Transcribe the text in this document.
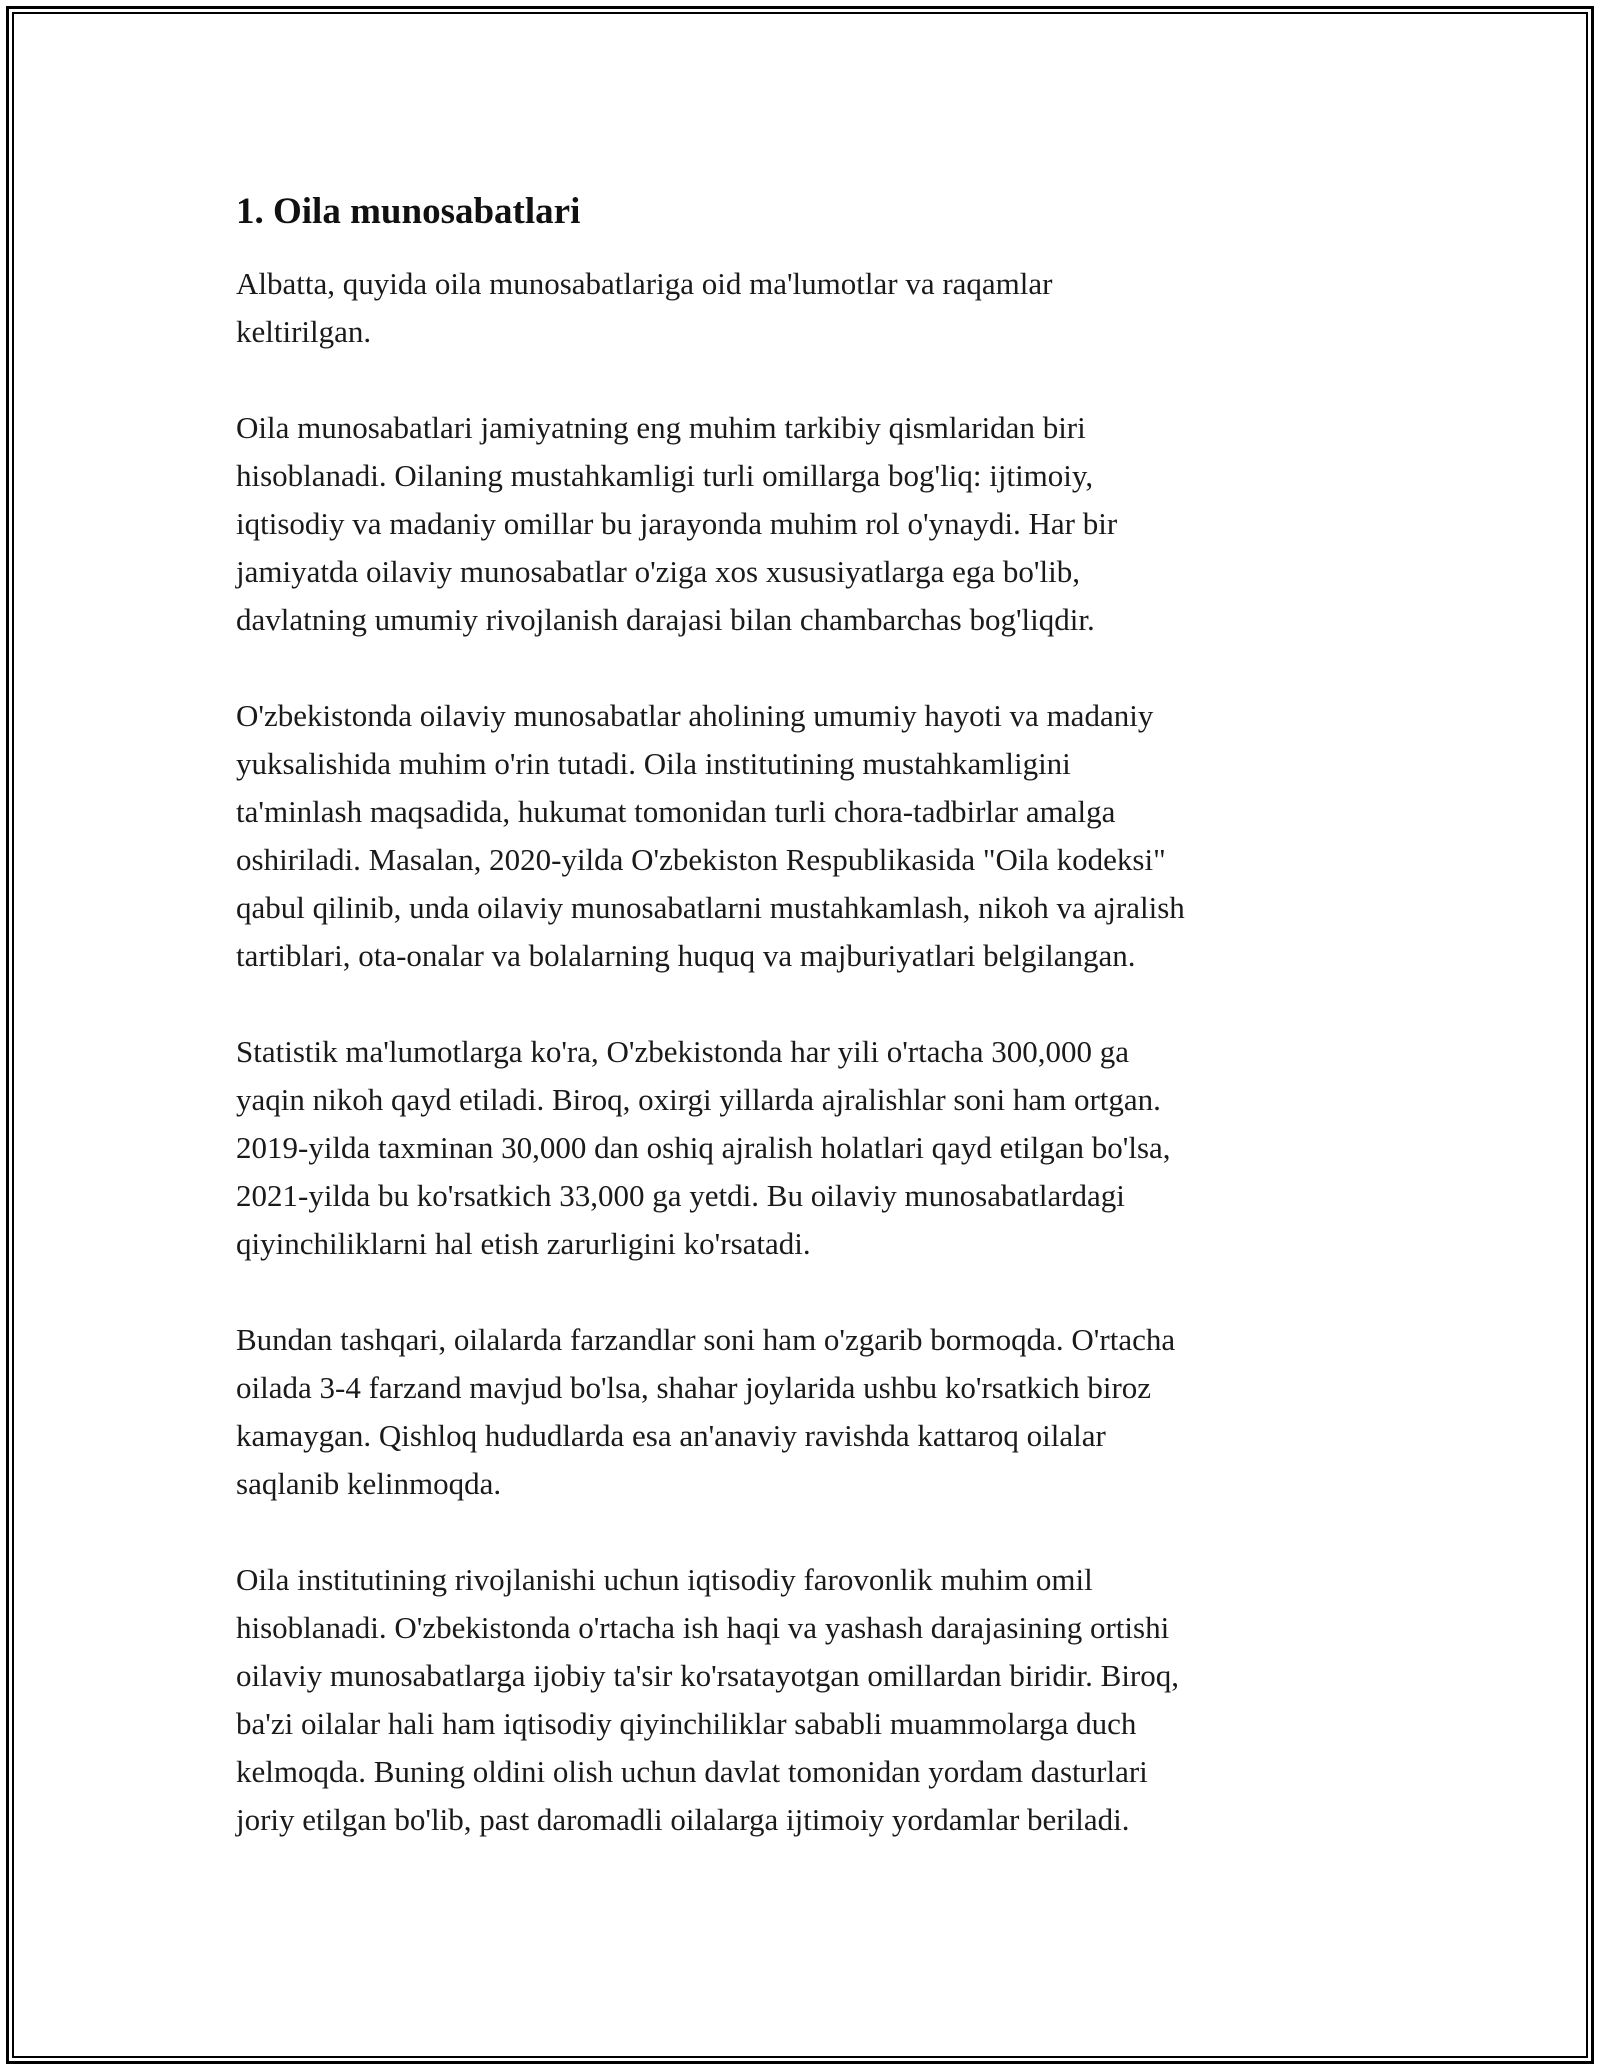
1. Oila munosabatlari

Albatta, quyida oila munosabatlariga oid ma'lumotlar va raqamlar
keltirilgan.

Oila munosabatlari jamiyatning eng muhim tarkibiy qismlaridan biri
hisoblanadi. Oilaning mustahkamligi turli omillarga bog'liq: ijtimoiy,
iqtisodiy va madaniy omillar bu jarayonda muhim rol o'ynaydi. Har bir
jamiyatda oilaviy munosabatlar o'ziga xos xususiyatlarga ega bo'lib,
davlatning umumiy rivojlanish darajasi bilan chambarchas bog'liqdir.

O'zbekistonda oilaviy munosabatlar aholining umumiy hayoti va madaniy
yuksalishida muhim o'rin tutadi. Oila institutining mustahkamligini
ta'minlash maqsadida, hukumat tomonidan turli chora-tadbirlar amalga
oshiriladi. Masalan, 2020-yilda O'zbekiston Respublikasida "Oila kodeksi"
qabul qilinib, unda oilaviy munosabatlarni mustahkamlash, nikoh va ajralish
tartiblari, ota-onalar va bolalarning huquq va majburiyatlari belgilangan.

Statistik ma'lumotlarga ko'ra, O'zbekistonda har yili o'rtacha 300,000 ga
yaqin nikoh qayd etiladi. Biroq, oxirgi yillarda ajralishlar soni ham ortgan.
2019-yilda taxminan 30,000 dan oshiq ajralish holatlari qayd etilgan bo'lsa,
2021-yilda bu ko'rsatkich 33,000 ga yetdi. Bu oilaviy munosabatlardagi
qiyinchiliklarni hal etish zarurligini ko'rsatadi.

Bundan tashqari, oilalarda farzandlar soni ham o'zgarib bormoqda. O'rtacha
oilada 3-4 farzand mavjud bo'lsa, shahar joylarida ushbu ko'rsatkich biroz
kamaygan. Qishloq hududlarda esa an'anaviy ravishda kattaroq oilalar
saqlanib kelinmoqda.

Oila institutining rivojlanishi uchun iqtisodiy farovonlik muhim omil
hisoblanadi. O'zbekistonda o'rtacha ish haqi va yashash darajasining ortishi
oilaviy munosabatlarga ijobiy ta'sir ko'rsatayotgan omillardan biridir. Biroq,
ba'zi oilalar hali ham iqtisodiy qiyinchiliklar sababli muammolarga duch
kelmoqda. Buning oldini olish uchun davlat tomonidan yordam dasturlari
joriy etilgan bo'lib, past daromadli oilalarga ijtimoiy yordamlar beriladi.
